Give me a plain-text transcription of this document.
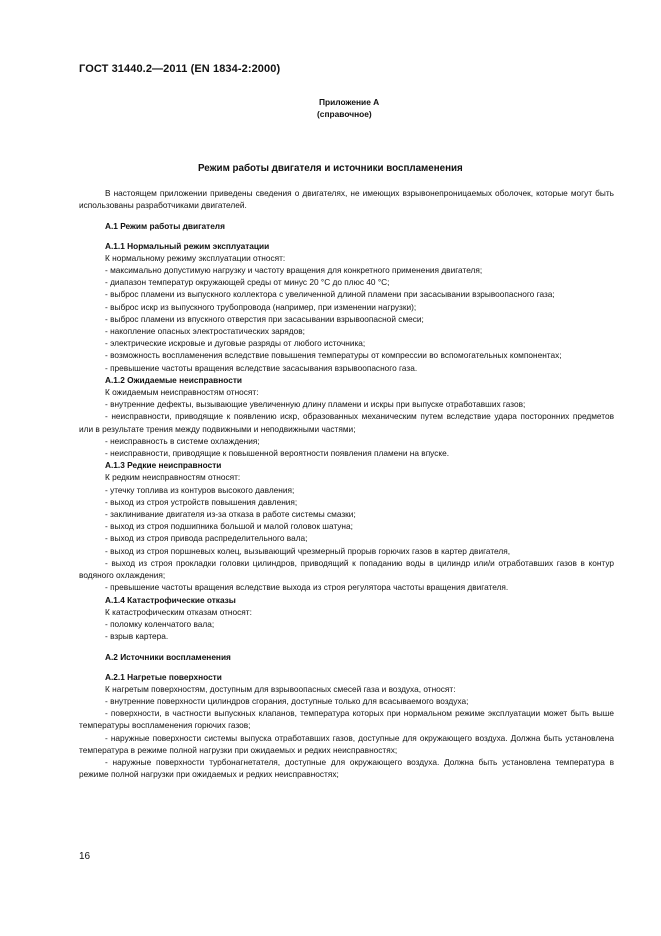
ГОСТ 31440.2—2011 (EN 1834-2:2000)
Приложение А
(справочное)
Режим работы двигателя и источники воспламенения

В настоящем приложении приведены сведения о двигателях, не имеющих взрывонепроницаемых оболочек, которые могут быть использованы разработчиками двигателей.

А.1 Режим работы двигателя

А.1.1 Нормальный режим эксплуатации

К нормальному режиму эксплуатации относят:

- максимально допустимую нагрузку и частоту вращения для конкретного применения двигателя;

- диапазон температур окружающей среды от минус 20 °С до плюс 40 °С;

- выброс пламени из выпускного коллектора с увеличенной длиной пламени при засасывании взрывоопасного газа;

- выброс искр из выпускного трубопровода (например, при изменении нагрузки);

- выброс пламени из впускного отверстия при засасывании взрывоопасной смеси;

- накопление опасных электростатических зарядов;

- электрические искровые и дуговые разряды от любого источника;

- возможность воспламенения вследствие повышения температуры от компрессии во вспомогательных компонентах;

- превышение частоты вращения вследствие засасывания взрывоопасного газа.

А.1.2 Ожидаемые неисправности

К ожидаемым неисправностям относят:

- внутренние дефекты, вызывающие увеличенную длину пламени и искры при выпуске отработавших газов;

- неисправности, приводящие к появлению искр, образованных механическим путем вследствие удара посторонних предметов или в результате трения между подвижными и неподвижными частями;

- неисправность в системе охлаждения;

- неисправности, приводящие к повышенной вероятности появления пламени на впуске.

А.1.3 Редкие неисправности

К редким неисправностям относят:

- утечку топлива из контуров высокого давления;

- выход из строя устройств повышения давления;

- заклинивание двигателя из-за отказа в работе системы смазки;

- выход из строя подшипника большой и малой головок шатуна;

- выход из строя привода распределительного вала;

- выход из строя поршневых колец, вызывающий чрезмерный прорыв горючих газов в картер двигателя,

- выход из строя прокладки головки цилиндров, приводящий к попаданию воды в цилиндр или/и отработавших газов в контур водяного охлаждения;

- превышение частоты вращения вследствие выхода из строя регулятора частоты вращения двигателя.

А.1.4 Катастрофические отказы

К катастрофическим отказам относят:

- поломку коленчатого вала;

- взрыв картера.

А.2 Источники воспламенения

А.2.1 Нагретые поверхности

К нагретым поверхностям, доступным для взрывоопасных смесей газа и воздуха, относят:

- внутренние поверхности цилиндров сгорания, доступные только для всасываемого воздуха;

- поверхности, в частности выпускных клапанов, температура которых при нормальном режиме эксплуатации может быть выше температуры воспламенения горючих газов;

- наружные поверхности системы выпуска отработавших газов, доступные для окружающего воздуха. Должна быть установлена температура в режиме полной нагрузки при ожидаемых и редких неисправностях;

- наружные поверхности турбонагнетателя, доступные для окружающего воздуха. Должна быть установлена температура в режиме полной нагрузки при ожидаемых и редких неисправностях;

16
